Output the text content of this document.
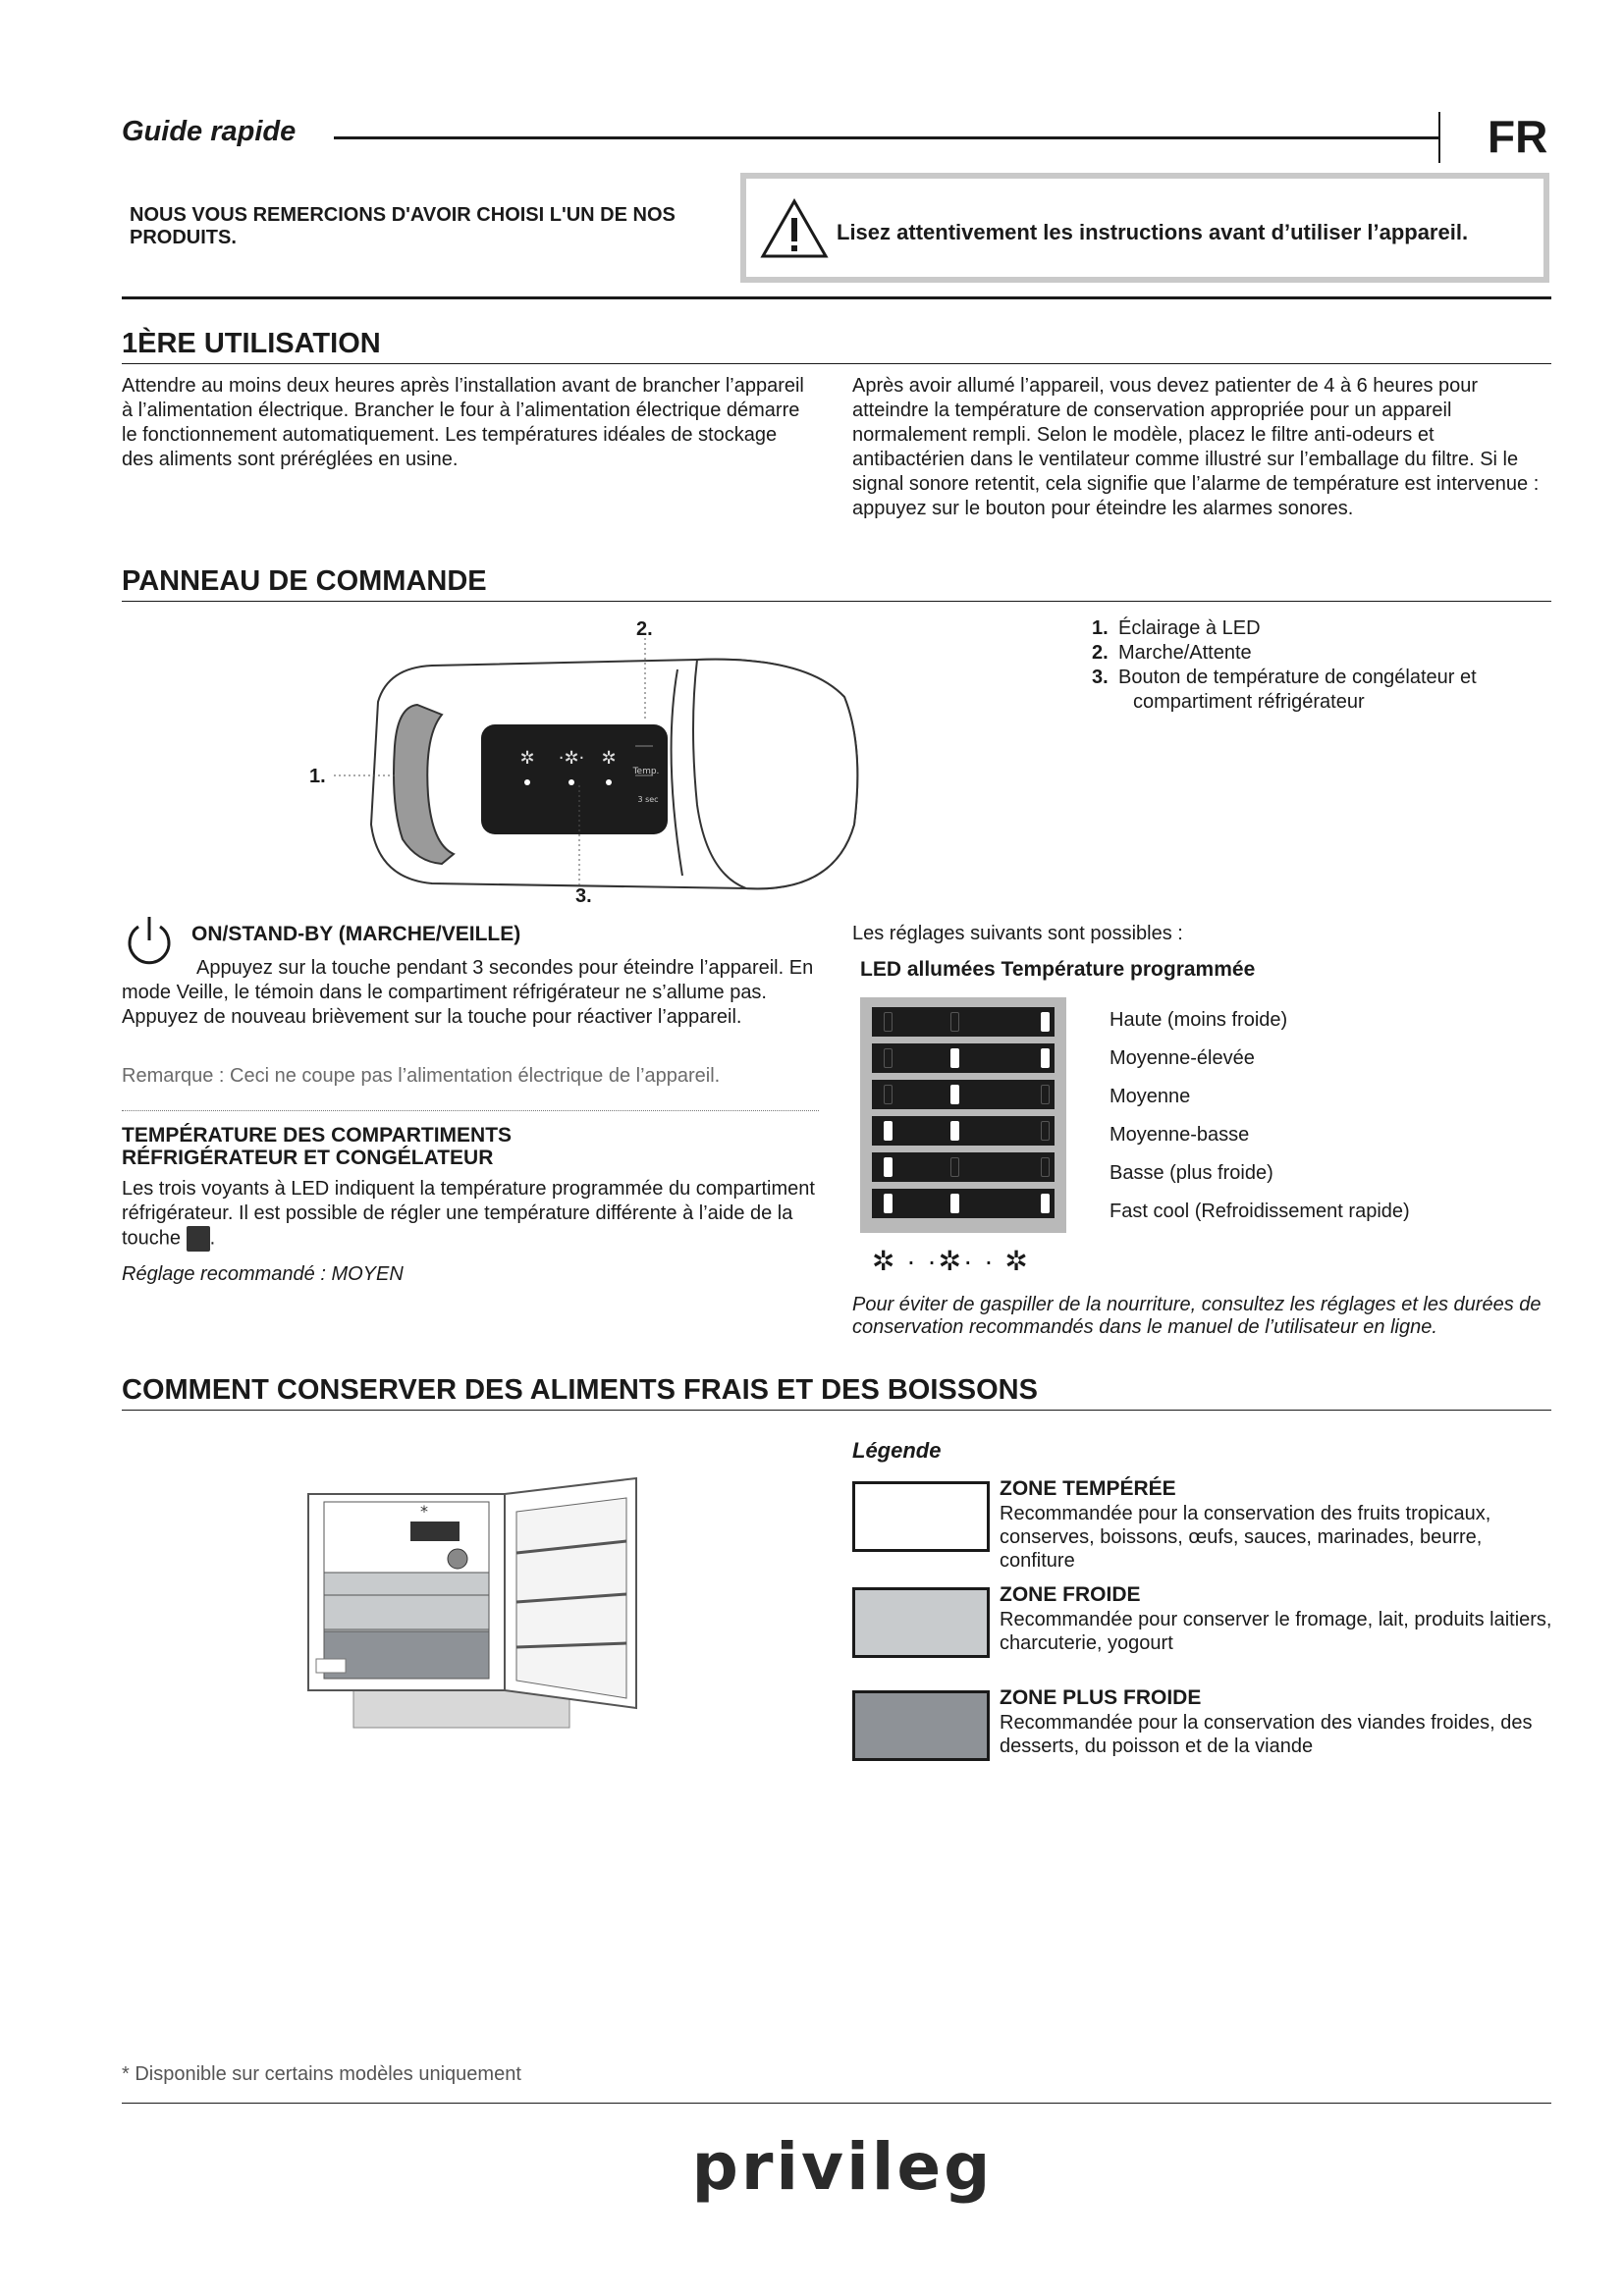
Guide rapide	FR
NOUS VOUS REMERCIONS D'AVOIR CHOISI L'UN DE NOS PRODUITS.	Lisez attentivement les instructions avant d’utiliser l’appareil.
1ÈRE UTILISATION
Attendre au moins deux heures après l’installation avant de brancher l’appareil à l’alimentation électrique. Brancher le four à l’alimentation électrique démarre le fonctionnement automatiquement. Les températures idéales de stockage des aliments sont préréglées en usine.
Après avoir allumé l’appareil, vous devez patienter de 4 à 6 heures pour atteindre la température de conservation appropriée pour un appareil normalement rempli. Selon le modèle, placez le filtre anti-odeurs et antibactérien dans le ventilateur comme illustré sur l’emballage du filtre. Si le signal sonore retentit, cela signifie que l’alarme de température est intervenue : appuyez sur le bouton pour éteindre les alarmes sonores.
PANNEAU DE COMMANDE
✲ ·✲· ✲
Temp.
3 sec
2.
1.
3.
1. Éclairage à LED
2. Marche/Attente
3. Bouton de température de congélateur et
compartiment réfrigérateur
ON/STAND-BY (MARCHE/VEILLE)
Appuyez sur la touche pendant 3 secondes pour éteindre l’appareil. En mode Veille, le témoin dans le compartiment réfrigérateur ne s’allume pas. Appuyez de nouveau brièvement sur la touche pour réactiver l’appareil.
Remarque : Ceci ne coupe pas l’alimentation électrique de l’appareil.
TEMPÉRATURE DES COMPARTIMENTS
RÉFRIGÉRATEUR ET CONGÉLATEUR
Les trois voyants à LED indiquent la température programmée du compartiment réfrigérateur. Il est possible de régler une température différente à l’aide de la touche .
Réglage recommandé : MOYEN
Les réglages suivants sont possibles :
LED allumées Température programmée
Haute (moins froide)
Moyenne-élevée
Moyenne
Moyenne-basse
Basse (plus froide)
Fast cool (Refroidissement rapide)
✲ · ·✲· · ✲
Pour éviter de gaspiller de la nourriture, consultez les réglages et les durées de conservation recommandés dans le manuel de l’utilisateur en ligne.
COMMENT CONSERVER DES ALIMENTS FRAIS ET DES BOISSONS
*
Légende
ZONE TEMPÉRÉE
Recommandée pour la conservation des fruits tropicaux, conserves, boissons, œufs, sauces, marinades, beurre, confiture
ZONE FROIDE
Recommandée pour conserver le fromage, lait, produits laitiers, charcuterie, yogourt
ZONE PLUS FROIDE
Recommandée pour la conservation des viandes froides, des desserts, du poisson et de la viande
* Disponible sur certains modèles uniquement
privileg
